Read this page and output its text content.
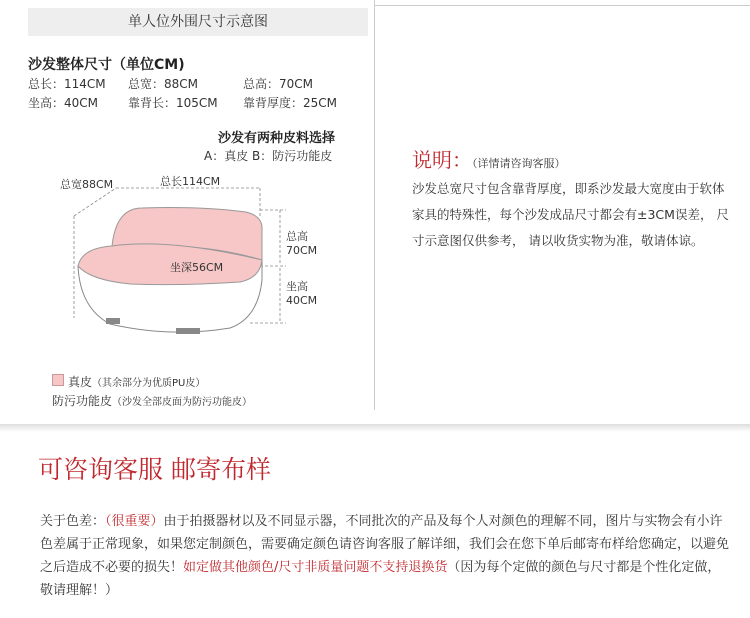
单人位外围尺寸示意图
沙发整体尺寸（单位CM)
总长：114CM 总宽：88CM	总高：70CM
坐高：40CM 靠背长：105CM 靠背厚度：25CM
沙发有两种皮料选择
A：真皮 B：防污功能皮
总宽88CM	总长114CM
坐深56CM
总高
70CM
坐高
40CM
真皮（其余部分为优质PU皮）
防污功能皮（沙发全部皮面为防污功能皮）
说明：（详情请咨询客服）
沙发总宽尺寸包含靠背厚度，即系沙发最大宽度由于软体家具的特殊性，每个沙发成品尺寸都会有±3CM误差， 尺寸示意图仅供参考， 请以收货实物为准，敬请体谅。
可咨询客服 邮寄布样
关于色差：（很重要）由于拍摄器材以及不同显示器，不同批次的产品及每个人对颜色的理解不同，图片与实物会有小许色差属于正常现象，如果您定制颜色，需要确定颜色请咨询客服了解详细，我们会在您下单后邮寄布样给您确定，以避免之后造成不必要的损失！如定做其他颜色/尺寸非质量问题不支持退换货（因为每个定做的颜色与尺寸都是个性化定做，敬请理解！）
